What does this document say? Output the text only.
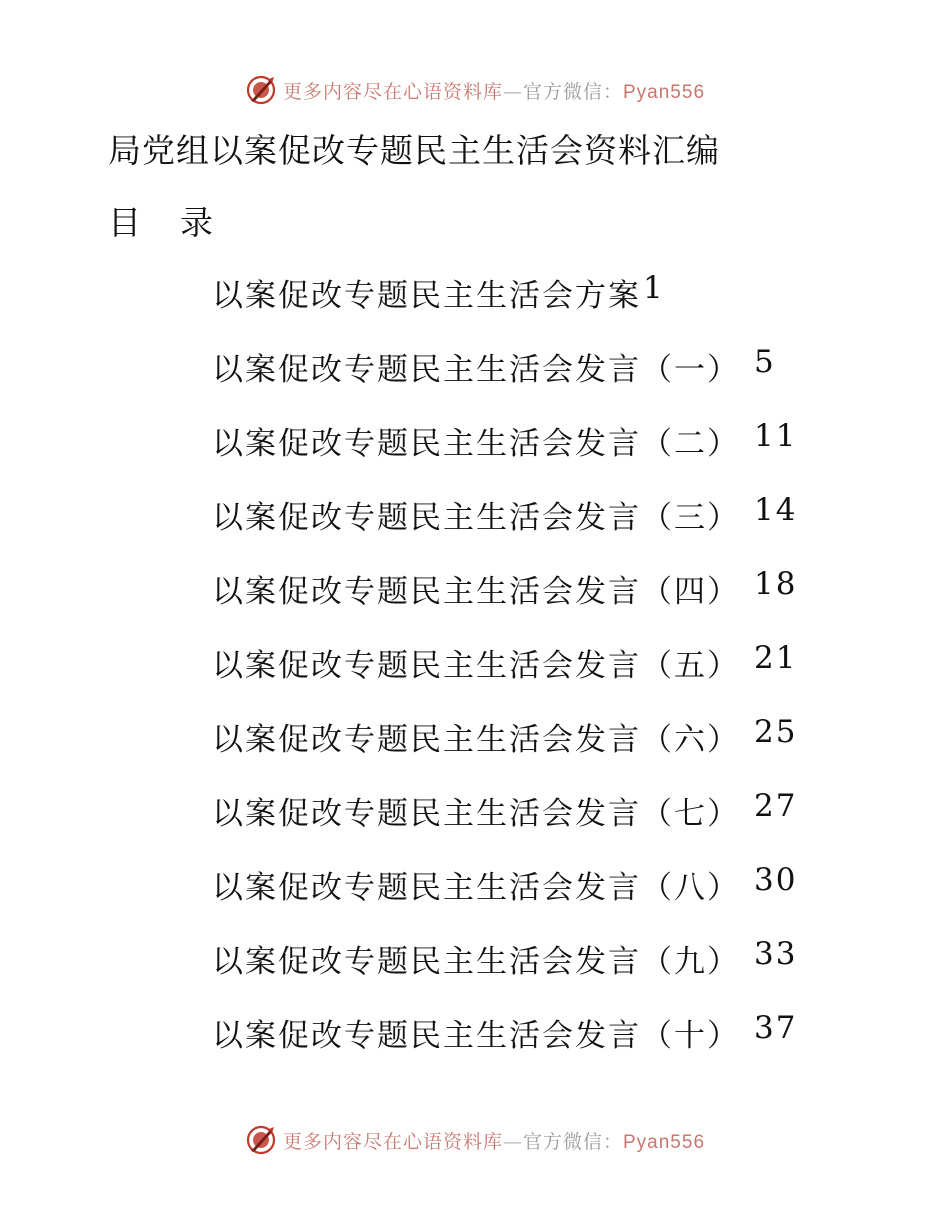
更多内容尽在心语资料库—官方微信：Pyan556
局党组以案促改专题民主生活会资料汇编
目 录
以案促改专题民主生活会方案 1
以案促改专题民主生活会发言（一） 5
以案促改专题民主生活会发言（二） 11
以案促改专题民主生活会发言（三） 14
以案促改专题民主生活会发言（四） 18
以案促改专题民主生活会发言（五） 21
以案促改专题民主生活会发言（六） 25
以案促改专题民主生活会发言（七） 27
以案促改专题民主生活会发言（八） 30
以案促改专题民主生活会发言（九） 33
以案促改专题民主生活会发言（十） 37
更多内容尽在心语资料库—官方微信：Pyan556
